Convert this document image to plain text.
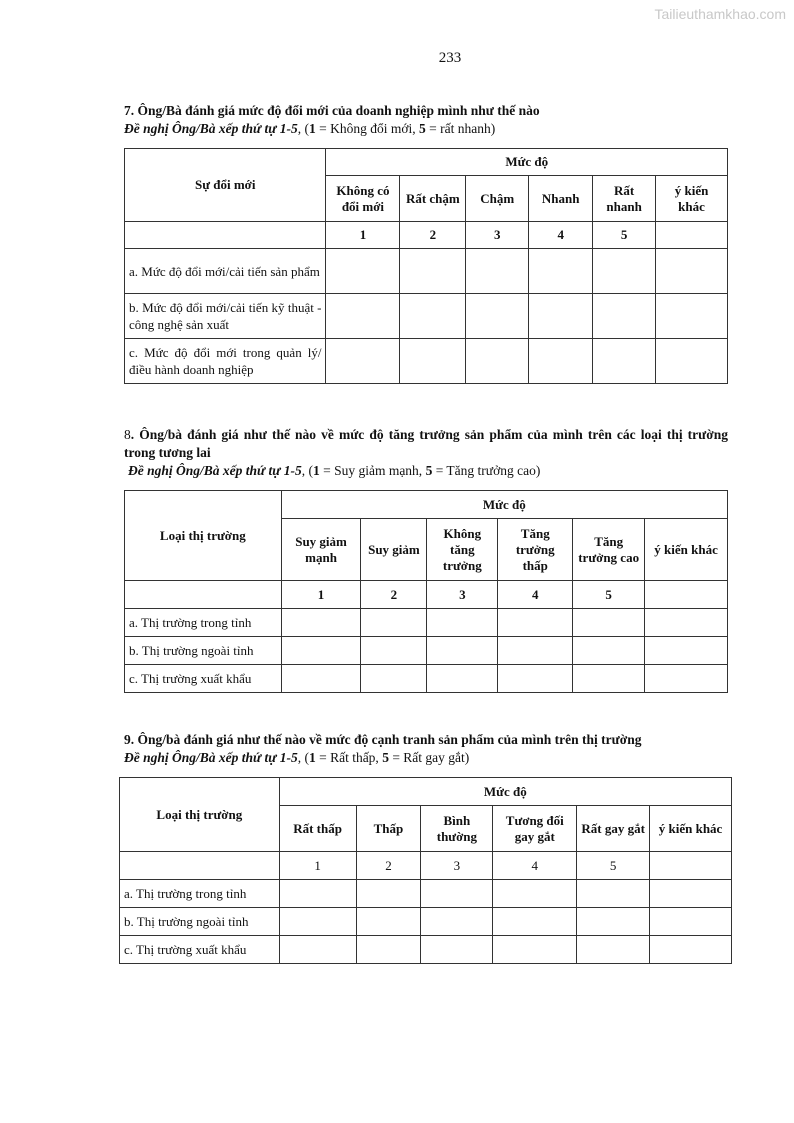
Tailieuthamkhao.com
233

7. Ông/Bà đánh giá mức độ đổi mới của doanh nghiệp mình như thế nào

Đề nghị Ông/Bà xếp thứ tự 1-5, (1 = Không đổi mới, 5 = rất nhanh)

Sự đổi mới	Mức độ					
	Không có đổi mới	Rất chậm	Chậm	Nhanh	Rất nhanh	ý kiến khác
	1	2	3	4	5	
a. Mức độ đổi mới/cải tiến sản phẩm						
b. Mức độ đổi mới/cải tiến kỹ thuật - công nghệ sản xuất						
c. Mức độ đổi mới trong quản lý/điều hành doanh nghiệp						

8. Ông/bà đánh giá như thế nào về mức độ tăng trưởng sản phẩm của mình trên các loại thị trường trong tương lai

Đề nghị Ông/Bà xếp thứ tự 1-5, (1 = Suy giảm mạnh, 5 = Tăng trưởng cao)

Loại thị trường	Mức độ					
	Suy giảm mạnh	Suy giảm	Không tăng trưởng	Tăng trưởng thấp	Tăng trưởng cao	ý kiến khác
	1	2	3	4	5	
a. Thị trường trong tỉnh						
b. Thị trường ngoài tỉnh						
c. Thị trường xuất khẩu						

9. Ông/bà đánh giá như thế nào về mức độ cạnh tranh sản phẩm của mình trên thị trường

Đề nghị Ông/Bà xếp thứ tự 1-5, (1 = Rất thấp, 5 = Rất gay gắt)

Loại thị trường	Mức độ					
	Rất thấp	Thấp	Bình thường	Tương đối gay gắt	Rất gay gắt	ý kiến khác
	1	2	3	4	5	
a. Thị trường trong tỉnh						
b. Thị trường ngoài tỉnh						
c. Thị trường xuất khẩu						
